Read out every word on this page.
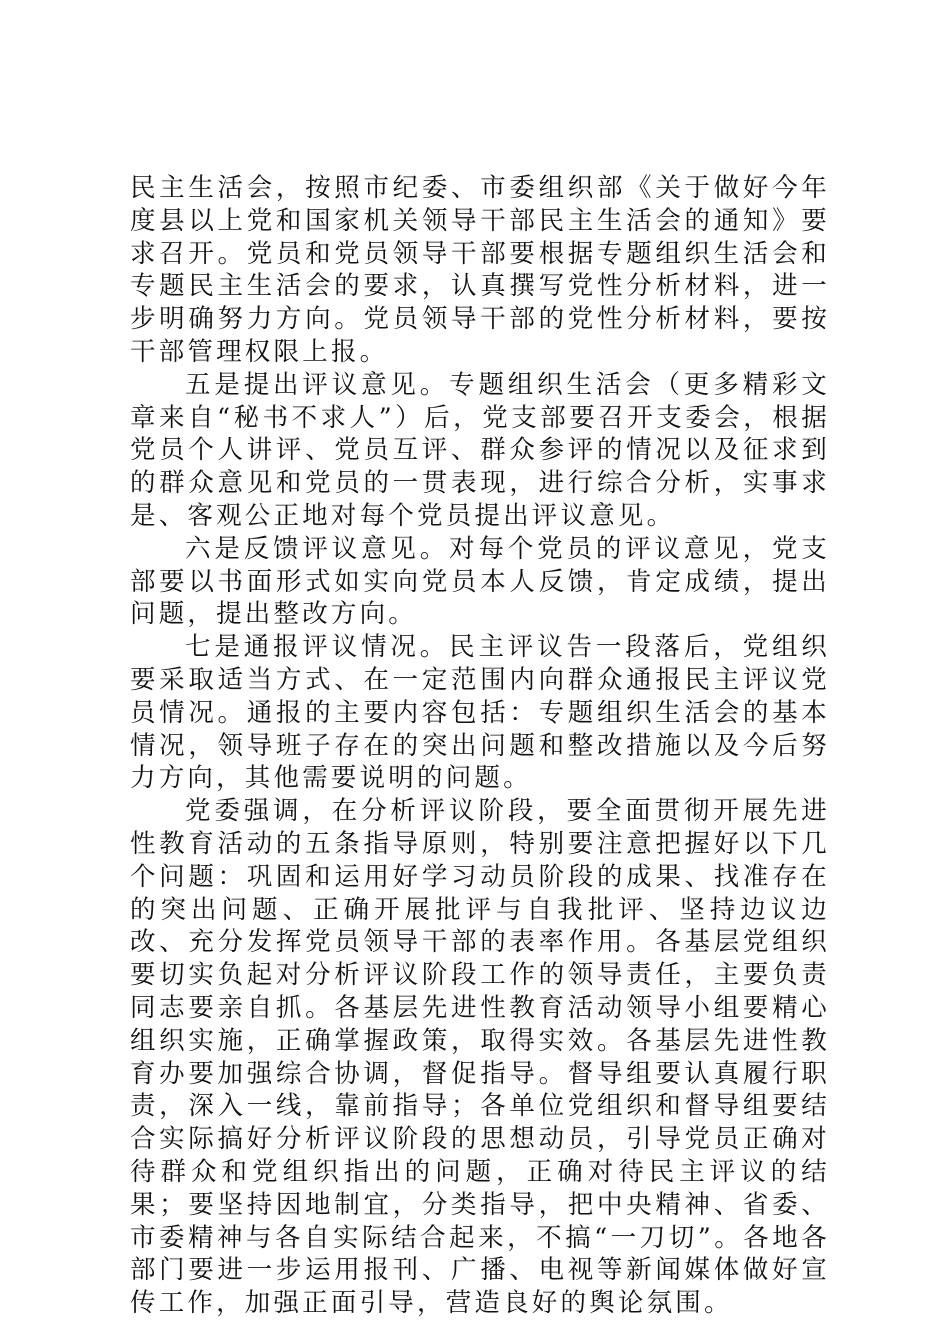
民主生活会，按照市纪委、市委组织部《关于做好今年度县以上党和国家机关领导干部民主生活会的通知》要求召开。党员和党员领导干部要根据专题组织生活会和专题民主生活会的要求，认真撰写党性分析材料，进一步明确努力方向。党员领导干部的党性分析材料，要按干部管理权限上报。

五是提出评议意见。专题组织生活会（更多精彩文章来自“秘书不求人”）后，党支部要召开支委会，根据党员个人讲评、党员互评、群众参评的情况以及征求到的群众意见和党员的一贯表现，进行综合分析，实事求是、客观公正地对每个党员提出评议意见。

六是反馈评议意见。对每个党员的评议意见，党支部要以书面形式如实向党员本人反馈，肯定成绩，提出问题，提出整改方向。

七是通报评议情况。民主评议告一段落后，党组织要采取适当方式、在一定范围内向群众通报民主评议党员情况。通报的主要内容包括：专题组织生活会的基本情况，领导班子存在的突出问题和整改措施以及今后努力方向，其他需要说明的问题。

党委强调，在分析评议阶段，要全面贯彻开展先进性教育活动的五条指导原则，特别要注意把握好以下几个问题：巩固和运用好学习动员阶段的成果、找准存在的突出问题、正确开展批评与自我批评、坚持边议边改、充分发挥党员领导干部的表率作用。各基层党组织要切实负起对分析评议阶段工作的领导责任，主要负责同志要亲自抓。各基层先进性教育活动领导小组要精心组织实施，正确掌握政策，取得实效。各基层先进性教育办要加强综合协调，督促指导。督导组要认真履行职责，深入一线，靠前指导；各单位党组织和督导组要结合实际搞好分析评议阶段的思想动员，引导党员正确对待群众和党组织指出的问题，正确对待民主评议的结果；要坚持因地制宜，分类指导，把中央精神、省委、市委精神与各自实际结合起来，不搞“一刀切”。各地各部门要进一步运用报刊、广播、电视等新闻媒体做好宣传工作，加强正面引导，营造良好的舆论氛围。
